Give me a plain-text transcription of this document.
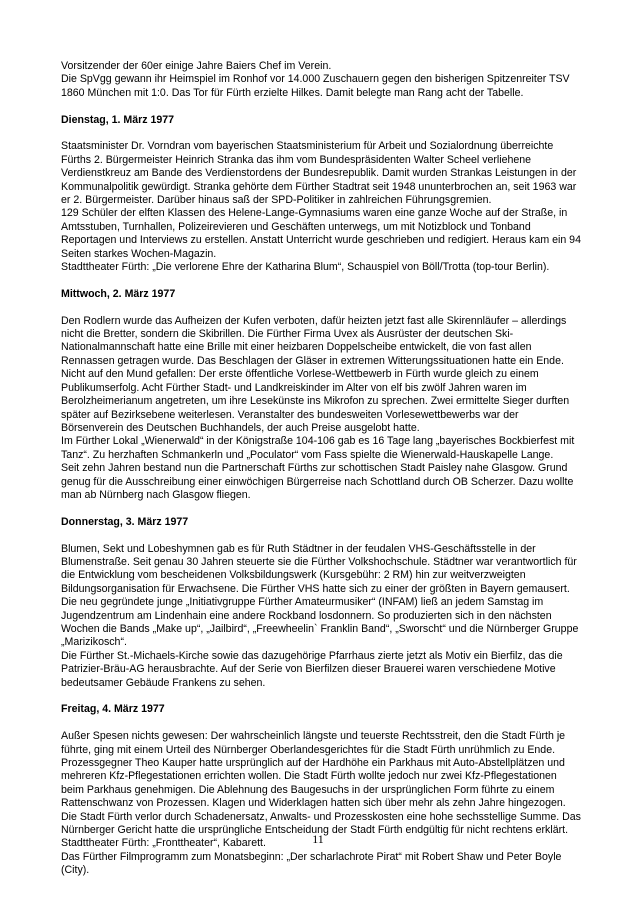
Vorsitzender der 60er einige Jahre Baiers Chef im Verein.

Die SpVgg gewann ihr Heimspiel im Ronhof vor 14.000 Zuschauern gegen den bisherigen Spitzenreiter TSV 1860 München mit 1:0. Das Tor für Fürth erzielte Hilkes. Damit belegte man Rang acht der Tabelle.

Dienstag, 1. März 1977

Staatsminister Dr. Vorndran vom bayerischen Staatsministerium für Arbeit und Sozialordnung überreichte Fürths 2. Bürgermeister Heinrich Stranka das ihm vom Bundespräsidenten Walter Scheel verliehene Verdienstkreuz am Bande des Verdienstordens der Bundesrepublik. Damit wurden Strankas Leistungen in der Kommunalpolitik gewürdigt. Stranka gehörte dem Fürther Stadtrat seit 1948 ununterbrochen an, seit 1963 war er 2. Bürgermeister. Darüber hinaus saß der SPD-Politiker in zahlreichen Führungsgremien.

129 Schüler der elften Klassen des Helene-Lange-Gymnasiums waren eine ganze Woche auf der Straße, in Amtsstuben, Turnhallen, Polizeirevieren und Geschäften unterwegs, um mit Notizblock und Tonband Reportagen und Interviews zu erstellen. Anstatt Unterricht wurde geschrieben und redigiert. Heraus kam ein 94 Seiten starkes Wochen-Magazin.

Stadttheater Fürth: „Die verlorene Ehre der Katharina Blum“, Schauspiel von Böll/Trotta (top-tour Berlin).

Mittwoch, 2. März 1977

Den Rodlern wurde das Aufheizen der Kufen verboten, dafür heizten jetzt fast alle Skirennläufer – allerdings nicht die Bretter, sondern die Skibrillen. Die Fürther Firma Uvex als Ausrüster der deutschen Ski-Nationalmannschaft hatte eine Brille mit einer heizbaren Doppelscheibe entwickelt, die von fast allen Rennassen getragen wurde. Das Beschlagen der Gläser in extremen Witterungssituationen hatte ein Ende.

Nicht auf den Mund gefallen: Der erste öffentliche Vorlese-Wettbewerb in Fürth wurde gleich zu einem Publikumserfolg. Acht Fürther Stadt- und Landkreiskinder im Alter von elf bis zwölf Jahren waren im Berolzheimerianum angetreten, um ihre Lesekünste ins Mikrofon zu sprechen. Zwei ermittelte Sieger durften später auf Bezirksebene weiterlesen. Veranstalter des bundesweiten Vorlesewettbewerbs war der Börsenverein des Deutschen Buchhandels, der auch Preise ausgelobt hatte.

Im Fürther Lokal „Wienerwald“ in der Königstraße 104-106 gab es 16 Tage lang „bayerisches Bockbierfest mit Tanz“. Zu herzhaften Schmankerln und „Poculator“ vom Fass spielte die Wienerwald-Hauskapelle Lange.

Seit zehn Jahren bestand nun die Partnerschaft Fürths zur schottischen Stadt Paisley nahe Glasgow. Grund genug für die Ausschreibung einer einwöchigen Bürgerreise nach Schottland durch OB Scherzer. Dazu wollte man ab Nürnberg nach Glasgow fliegen.

Donnerstag, 3. März 1977

Blumen, Sekt und Lobeshymnen gab es für Ruth Städtner in der feudalen VHS-Geschäftsstelle in der Blumenstraße. Seit genau 30 Jahren steuerte sie die Fürther Volkshochschule. Städtner war verantwortlich für die Entwicklung vom bescheidenen Volksbildungswerk (Kursgebühr: 2 RM) hin zur weitverzweigten Bildungsorganisation für Erwachsene. Die Fürther VHS hatte sich zu einer der größten in Bayern gemausert.

Die neu gegründete junge „Initiativgruppe Fürther Amateurmusiker“ (INFAM) ließ an jedem Samstag im Jugendzentrum am Lindenhain eine andere Rockband losdonnern. So produzierten sich in den nächsten Wochen die Bands „Make up“, „Jailbird“, „Freewheelin` Franklin Band“, „Sworscht“ und die Nürnberger Gruppe „Marizikosch“.

Die Fürther St.-Michaels-Kirche sowie das dazugehörige Pfarrhaus zierte jetzt als Motiv ein Bierfilz, das die Patrizier-Bräu-AG herausbrachte. Auf der Serie von Bierfilzen dieser Brauerei waren verschiedene Motive bedeutsamer Gebäude Frankens zu sehen.

Freitag, 4. März 1977

Außer Spesen nichts gewesen: Der wahrscheinlich längste und teuerste Rechtsstreit, den die Stadt Fürth je führte, ging mit einem Urteil des Nürnberger Oberlandesgerichtes für die Stadt Fürth unrühmlich zu Ende. Prozessgegner Theo Kauper hatte ursprünglich auf der Hardhöhe ein Parkhaus mit Auto-Abstellplätzen und mehreren Kfz-Pflegestationen errichten wollen. Die Stadt Fürth wollte jedoch nur zwei Kfz-Pflegestationen beim Parkhaus genehmigen. Die Ablehnung des Baugesuchs in der ursprünglichen Form führte zu einem Rattenschwanz von Prozessen. Klagen und Widerklagen hatten sich über mehr als zehn Jahre hingezogen. Die Stadt Fürth verlor durch Schadenersatz, Anwalts- und Prozesskosten eine hohe sechsstellige Summe. Das Nürnberger Gericht hatte die ursprüngliche Entscheidung der Stadt Fürth endgültig für nicht rechtens erklärt.

Stadttheater Fürth: „Fronttheater“, Kabarett.

Das Fürther Filmprogramm zum Monatsbeginn: „Der scharlachrote Pirat“ mit Robert Shaw und Peter Boyle (City).

11
